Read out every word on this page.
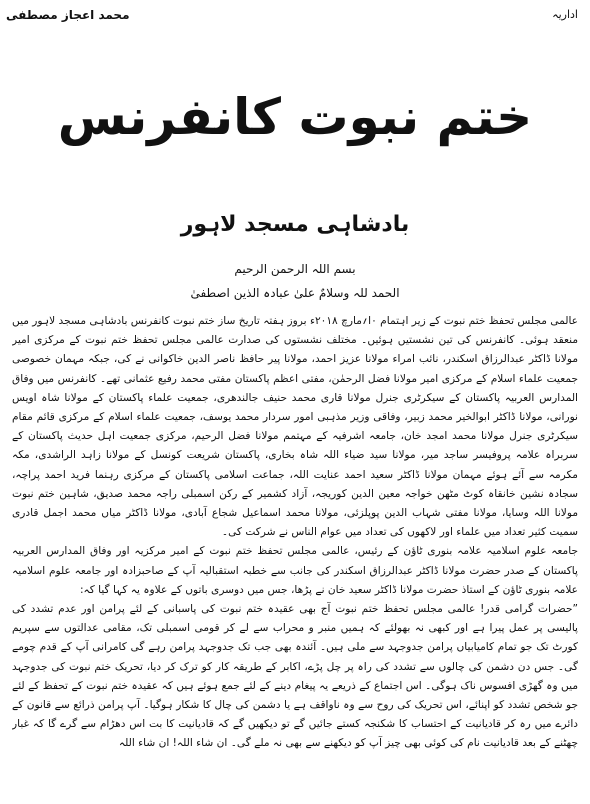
محمد اعجاز مصطفی	اداریہ
ختم نبوت کانفرنس
بادشاہی مسجد لاہور
بسم اللہ الرحمن الرحیم
الحمد للہ وسلامٌ علیٰ عبادہ الذین اصطفیٰ

عالمی مجلس تحفظ ختم نبوت کے زیر اہتمام ۰ا؍مارچ ۲۰۱۸ء بروز ہفتہ تاریخ ساز ختم نبوت کانفرنس بادشاہی مسجد لاہور میں منعقد ہوئی۔ کانفرنس کی تین نشستیں ہوئیں۔ مختلف نشستوں کی صدارت عالمی مجلس تحفظ ختم نبوت کے مرکزی امیر مولانا ڈاکٹر عبدالرزاق اسکندر، نائب امراء مولانا عزیز احمد، مولانا پیر حافظ ناصر الدین خاکوانی نے کی، جبکہ مہمان خصوصی جمعیت علماء اسلام کے مرکزی امیر مولانا فضل الرحمٰن، مفتی اعظم پاکستان مفتی محمد رفیع عثمانی تھے۔ کانفرنس میں وفاق المدارس العربیہ پاکستان کے سیکرٹری جنرل مولانا قاری محمد حنیف جالندھری، جمعیت علماء پاکستان کے مولانا شاہ اویس نورانی، مولانا ڈاکٹر ابوالخیر محمد زبیر، وفاقی وزیر مذہبی امور سردار محمد یوسف، جمعیت علماء اسلام کے مرکزی قائم مقام سیکرٹری جنرل مولانا محمد امجد خان، جامعہ اشرفیہ کے مہتمم مولانا فضل الرحیم، مرکزی جمعیت اہل حدیث پاکستان کے سربراہ علامہ پروفیسر ساجد میر، مولانا سید ضیاء اللہ شاہ بخاری، پاکستان شریعت کونسل کے مولانا زاہد الراشدی، مکہ مکرمہ سے آئے ہوئے مہمان مولانا ڈاکٹر سعید احمد عنایت اللہ، جماعت اسلامی پاکستان کے مرکزی رہنما فرید احمد پراچہ، سجادہ نشین خانقاہ کوٹ مٹھن خواجہ معین الدین کوریجہ، آزاد کشمیر کے رکن اسمبلی راجہ محمد صدیق، شاہین ختم نبوت مولانا اللہ وسایا، مولانا مفتی شہاب الدین پوپلزئی، مولانا محمد اسماعیل شجاع آبادی، مولانا ڈاکٹر میاں محمد اجمل قادری سمیت کثیر تعداد میں علماء اور لاکھوں کی تعداد میں عوام الناس نے شرکت کی۔

جامعہ علوم اسلامیہ علامہ بنوری ٹاؤن کے رئیس، عالمی مجلس تحفظ ختم نبوت کے امیر مرکزیہ اور وفاق المدارس العربیہ پاکستان کے صدر حضرت مولانا ڈاکٹر عبدالرزاق اسکندر کی جانب سے خطبہ استقبالیہ آپ کے صاحبزادہ اور جامعہ علوم اسلامیہ علامہ بنوری ٹاؤن کے استاذ حضرت مولانا ڈاکٹر سعید خان نے پڑھا، جس میں دوسری باتوں کے علاوہ یہ کہا گیا کہ:

”حضرات گرامی قدر! عالمی مجلس تحفظ ختم نبوت آج بھی عقیدہ ختم نبوت کی پاسبانی کے لئے پرامن اور عدم تشدد کی پالیسی پر عمل پیرا ہے اور کبھی نہ بھولئے کہ ہمیں منبر و محراب سے لے کر قومی اسمبلی تک، مقامی عدالتوں سے سپریم کورٹ تک جو تمام کامیابیاں پرامن جدوجہد سے ملی ہیں۔ آئندہ بھی جب تک جدوجہد پرامن رہے گی کامرانی آپ کے قدم چومے گی۔ جس دن دشمن کی چالوں سے تشدد کی راہ پر چل پڑے، اکابر کے طریقہ کار کو ترک کر دیا، تحریک ختم نبوت کی جدوجہد میں وہ گھڑی افسوس ناک ہوگی۔ اس اجتماع کے ذریعے یہ پیغام دینے کے لئے جمع ہوئے ہیں کہ عقیدہ ختم نبوت کے تحفظ کے لئے جو شخص تشدد کو اپنائے، اس تحریک کی روح سے وہ ناواقف ہے یا دشمن کی چال کا شکار ہوگیا۔ آپ پرامن ذرائع سے قانون کے دائرے میں رہ کر قادیانیت کے احتساب کا شکنجہ کستے جائیں گے تو دیکھیں گے کہ قادیانیت کا بت اس دھڑام سے گرے گا کہ غبار چھٹنے کے بعد قادیانیت نام کی کوئی بھی چیز آپ کو دیکھنے سے بھی نہ ملے گی۔ ان شاء اللہ! ان شاء اللہ
